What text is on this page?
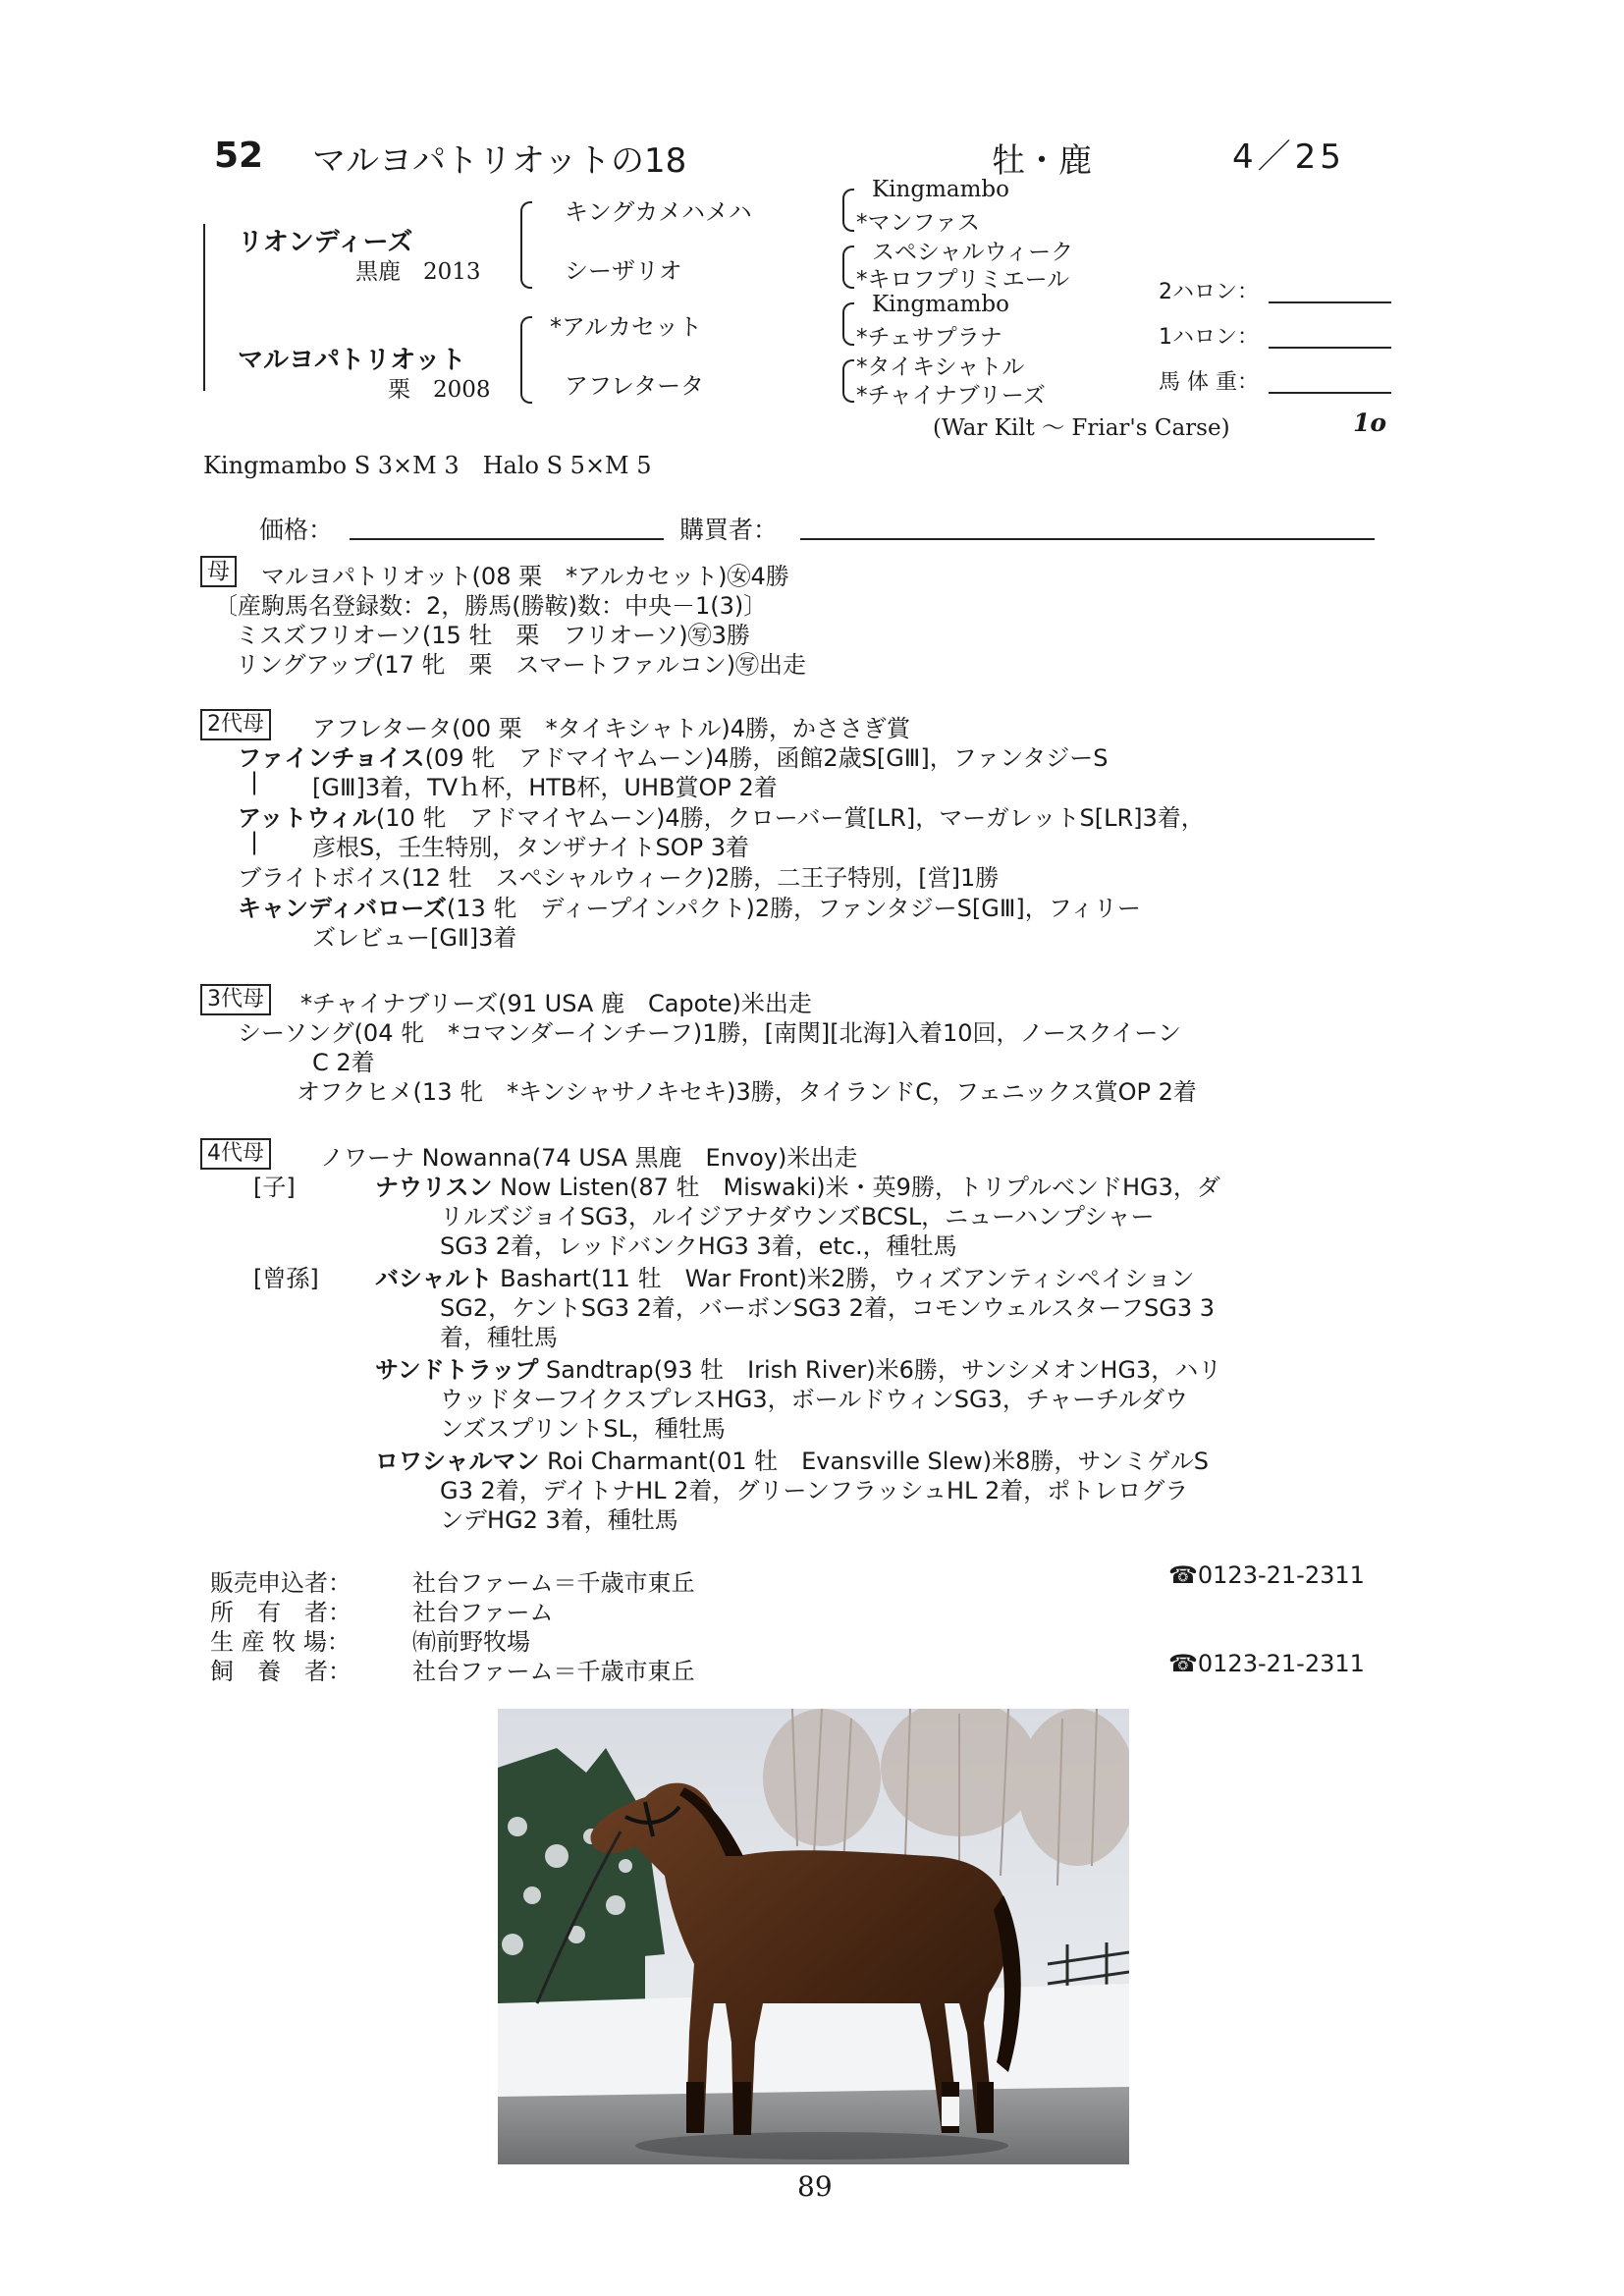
52 マルヨパトリオットの18	牡・鹿	4／25
リオンディーズ
黒鹿　2013
マルヨパトリオット
栗　2008
キングカメハメハ
シーザリオ
*アルカセット
アフレタータ
Kingmambo
*マンファス
スペシャルウィーク
*キロフプリミエール
Kingmambo
*チェサプラナ
*タイキシャトル
*チャイナブリーズ
(War Kilt ～ Friar's Carse)	1o
2ハロン：
1ハロン：
馬 体 重：
Kingmambo S 3×M 3　Halo S 5×M 5
価格：	購買者：
母 マルヨパトリオット(08 栗　*アルカセット)㊛4勝
〔産駒馬名登録数：2，勝馬(勝鞍)数：中央－1(3)〕
ミスズフリオーソ(15 牡　栗　フリオーソ)㊢3勝
リングアップ(17 牝　栗　スマートファルコン)㊢出走
2代母 アフレタータ(00 栗　*タイキシャトル)4勝，かささぎ賞
ファインチョイス(09 牝　アドマイヤムーン)4勝，函館2歳S[GⅢ]，ファンタジーS
| [GⅢ]3着，TVｈ杯，HTB杯，UHB賞OP 2着
アットウィル(10 牝　アドマイヤムーン)4勝，クローバー賞[LR]，マーガレットS[LR]3着，
| 彦根S，壬生特別，タンザナイトSOP 3着
ブライトボイス(12 牡　スペシャルウィーク)2勝，二王子特別，[営]1勝
キャンディバローズ(13 牝　ディープインパクト)2勝，ファンタジーS[GⅢ]，フィリー
ズレビュー[GⅡ]3着
3代母 *チャイナブリーズ(91 USA 鹿　Capote)米出走
シーソング(04 牝　*コマンダーインチーフ)1勝，[南関][北海]入着10回，ノースクイーン
C 2着
オフクヒメ(13 牝　*キンシャサノキセキ)3勝，タイランドC，フェニックス賞OP 2着
4代母 ノワーナ Nowanna(74 USA 黒鹿　Envoy)米出走
[子]	ナウリスン Now Listen(87 牡　Miswaki)米・英9勝，トリプルベンドHG3，ダ
リルズジョイSG3，ルイジアナダウンズBCSL，ニューハンプシャー
SG3 2着，レッドバンクHG3 3着，etc.，種牡馬
[曾孫] バシャルト Bashart(11 牡　War Front)米2勝，ウィズアンティシペイション
SG2，ケントSG3 2着，バーボンSG3 2着，コモンウェルスターフSG3 3
着，種牡馬
サンドトラップ Sandtrap(93 牡　Irish River)米6勝，サンシメオンHG3，ハリ
ウッドターフイクスプレスHG3，ボールドウィンSG3，チャーチルダウ
ンズスプリントSL，種牡馬
ロワシャルマン Roi Charmant(01 牡　Evansville Slew)米8勝，サンミゲルS
G3 2着，デイトナHL 2着，グリーンフラッシュHL 2着，ポトレログラ
ンデHG2 3着，種牡馬
販売申込者：	社台ファーム＝千歳市東丘	☎0123-21-2311
所　有　者：	社台ファーム
生 産 牧 場：	㈲前野牧場
飼　養　者：	社台ファーム＝千歳市東丘	☎0123-21-2311
89
